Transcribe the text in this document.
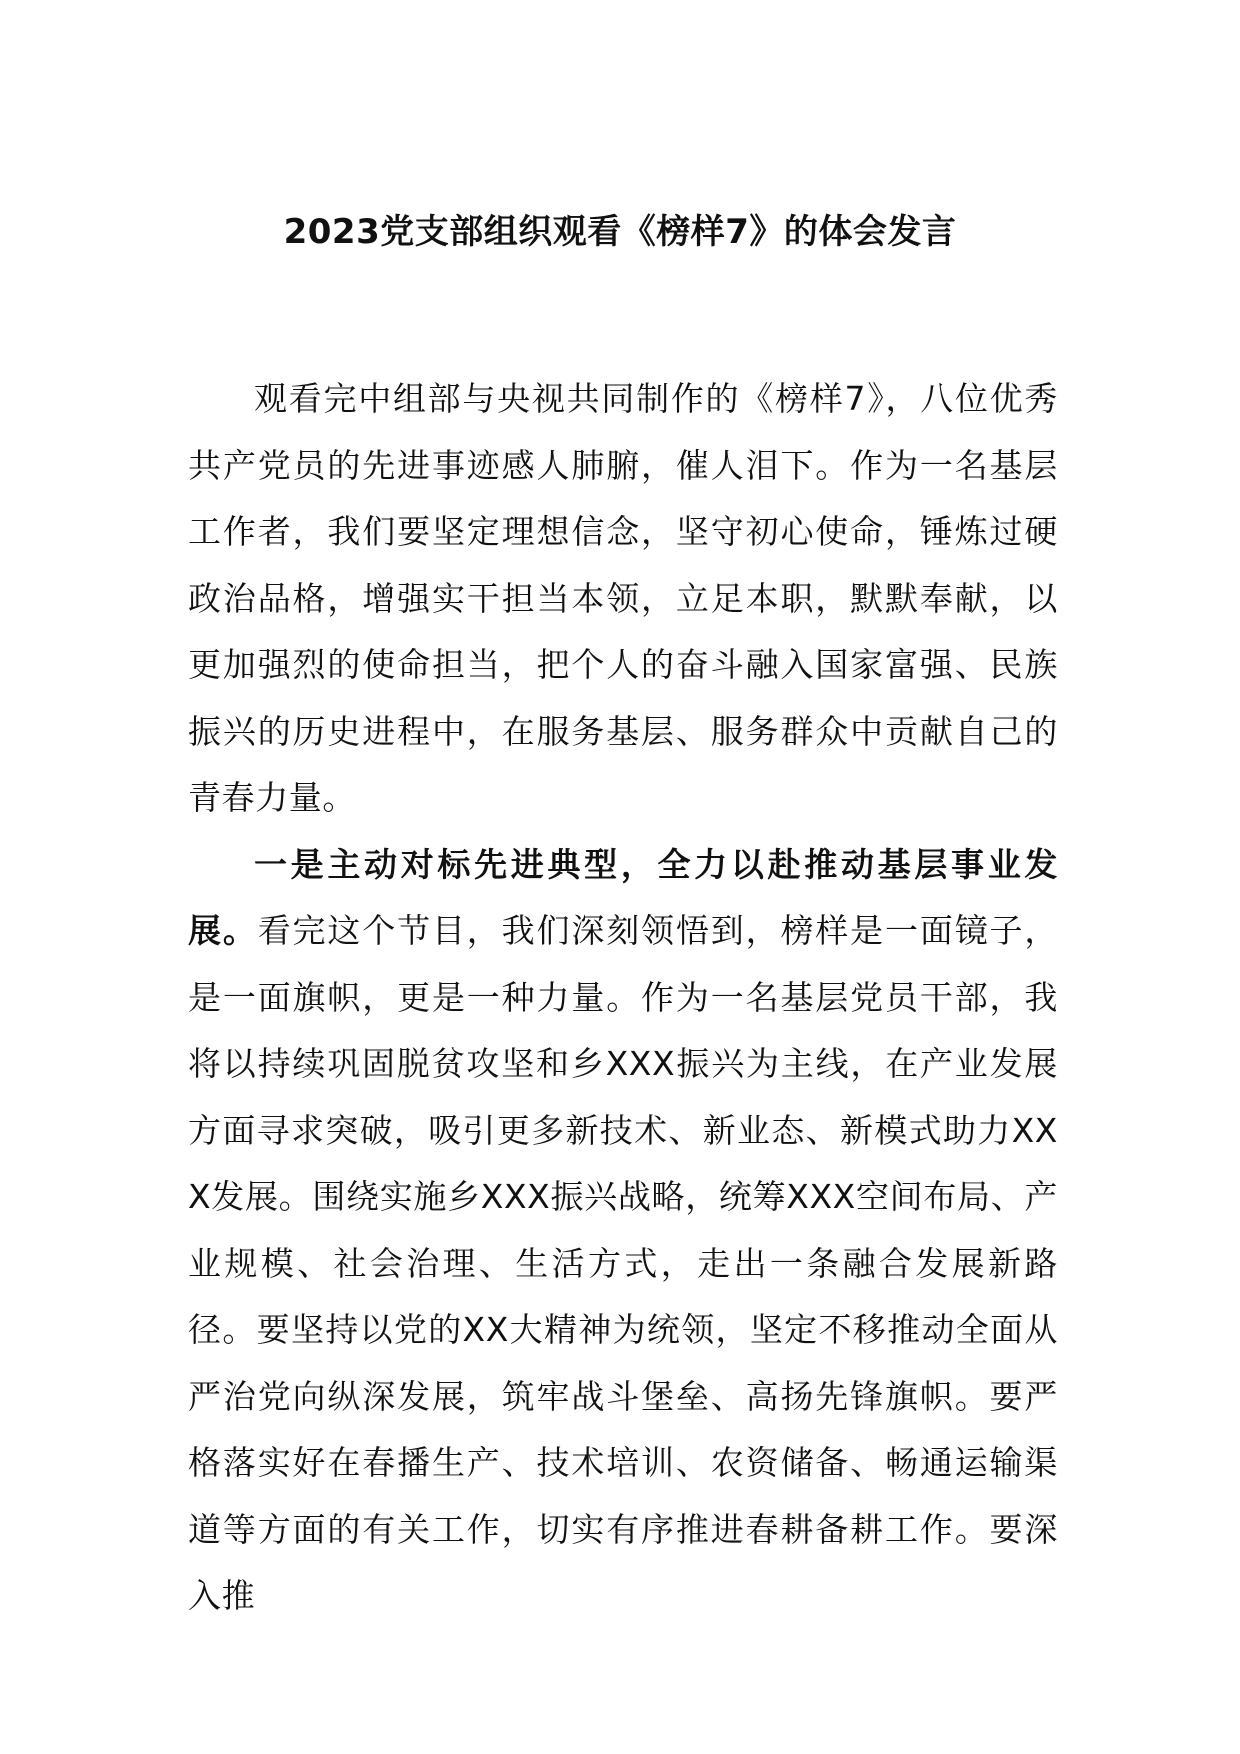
2023党支部组织观看《榜样7》的体会发言

观看完中组部与央视共同制作的《榜样7》，八位优秀共产党员的先进事迹感人肺腑，催人泪下。作为一名基层工作者，我们要坚定理想信念，坚守初心使命，锤炼过硬政治品格，增强实干担当本领，立足本职，默默奉献，以更加强烈的使命担当，把个人的奋斗融入国家富强、民族振兴的历史进程中，在服务基层、服务群众中贡献自己的青春力量。

一是主动对标先进典型，全力以赴推动基层事业发展。看完这个节目，我们深刻领悟到，榜样是一面镜子，是一面旗帜，更是一种力量。作为一名基层党员干部，我将以持续巩固脱贫攻坚和乡XXX振兴为主线，在产业发展方面寻求突破，吸引更多新技术、新业态、新模式助力XXX发展。围绕实施乡XXX振兴战略，统筹XXX空间布局、产业规模、社会治理、生活方式，走出一条融合发展新路径。要坚持以党的XX大精神为统领，坚定不移推动全面从严治党向纵深发展，筑牢战斗堡垒、高扬先锋旗帜。要严格落实好在春播生产、技术培训、农资储备、畅通运输渠道等方面的有关工作，切实有序推进春耕备耕工作。要深入推
